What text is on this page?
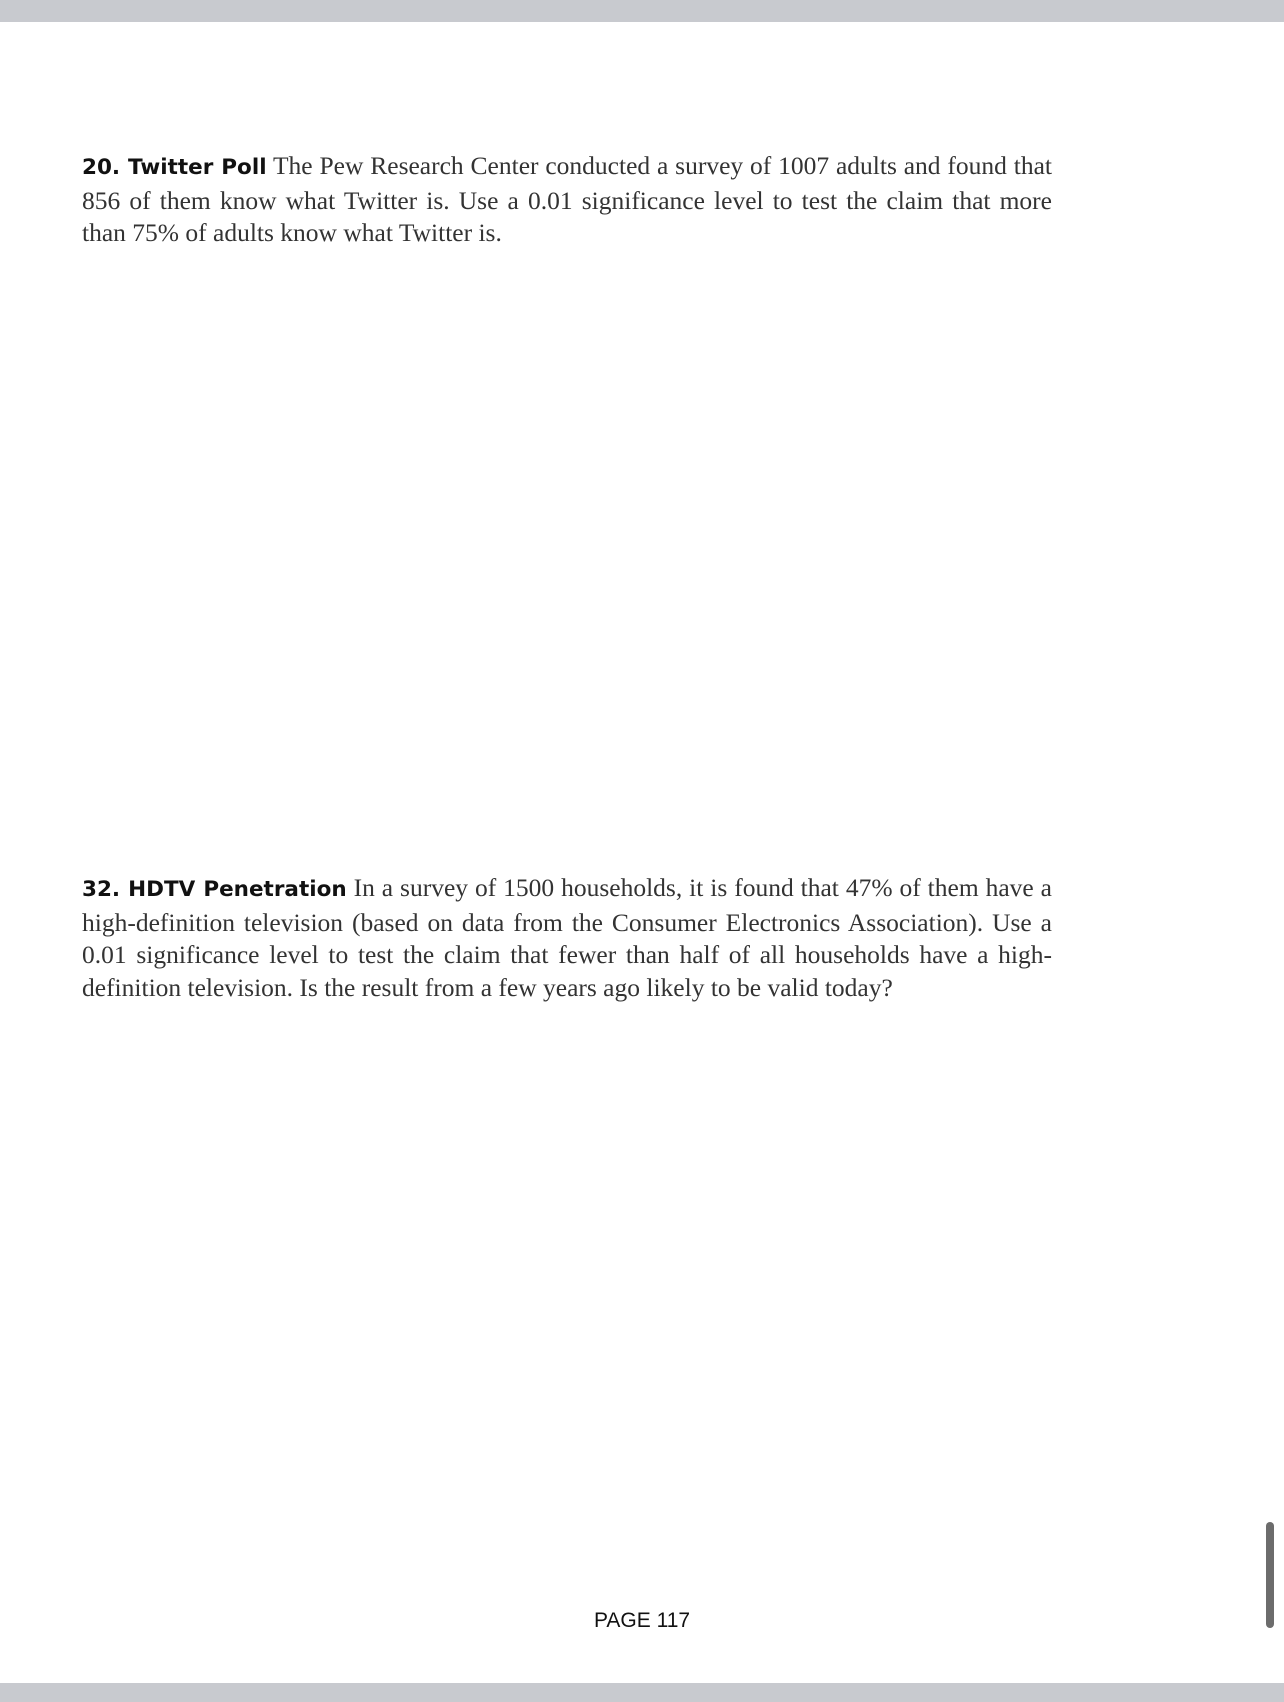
20. Twitter Poll The Pew Research Center conducted a survey of 1007 adults and found that 856 of them know what Twitter is. Use a 0.01 significance level to test the claim that more than 75% of adults know what Twitter is.

32. HDTV Penetration In a survey of 1500 households, it is found that 47% of them have a high-definition television (based on data from the Consumer Electronics Association). Use a 0.01 significance level to test the claim that fewer than half of all households have a high-definition television. Is the result from a few years ago likely to be valid today?

PAGE 117
